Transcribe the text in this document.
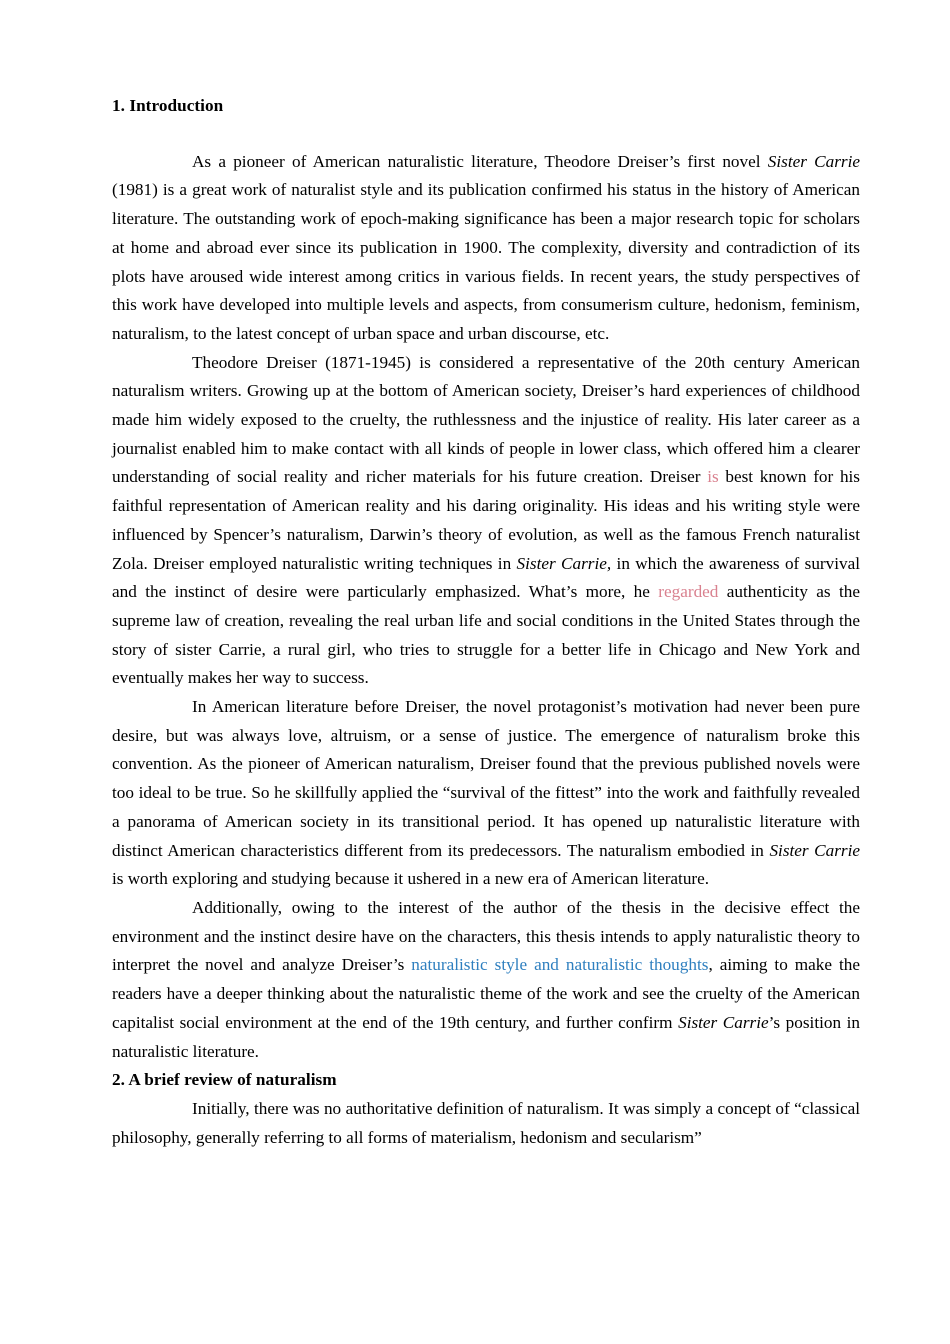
1. Introduction

As a pioneer of American naturalistic literature, Theodore Dreiser’s first novel Sister Carrie (1981) is a great work of naturalist style and its publication confirmed his status in the history of American literature. The outstanding work of epoch-making significance has been a major research topic for scholars at home and abroad ever since its publication in 1900. The complexity, diversity and contradiction of its plots have aroused wide interest among critics in various fields. In recent years, the study perspectives of this work have developed into multiple levels and aspects, from consumerism culture, hedonism, feminism, naturalism, to the latest concept of urban space and urban discourse, etc.

Theodore Dreiser (1871-1945) is considered a representative of the 20th century American naturalism writers. Growing up at the bottom of American society, Dreiser’s hard experiences of childhood made him widely exposed to the cruelty, the ruthlessness and the injustice of reality. His later career as a journalist enabled him to make contact with all kinds of people in lower class, which offered him a clearer understanding of social reality and richer materials for his future creation. Dreiser is best known for his faithful representation of American reality and his daring originality. His ideas and his writing style were influenced by Spencer’s naturalism, Darwin’s theory of evolution, as well as the famous French naturalist Zola. Dreiser employed naturalistic writing techniques in Sister Carrie, in which the awareness of survival and the instinct of desire were particularly emphasized. What’s more, he regarded authenticity as the supreme law of creation, revealing the real urban life and social conditions in the United States through the story of sister Carrie, a rural girl, who tries to struggle for a better life in Chicago and New York and eventually makes her way to success.

In American literature before Dreiser, the novel protagonist’s motivation had never been pure desire, but was always love, altruism, or a sense of justice. The emergence of naturalism broke this convention. As the pioneer of American naturalism, Dreiser found that the previous published novels were too ideal to be true. So he skillfully applied the “survival of the fittest” into the work and faithfully revealed a panorama of American society in its transitional period. It has opened up naturalistic literature with distinct American characteristics different from its predecessors. The naturalism embodied in Sister Carrie is worth exploring and studying because it ushered in a new era of American literature.

Additionally, owing to the interest of the author of the thesis in the decisive effect the environment and the instinct desire have on the characters, this thesis intends to apply naturalistic theory to interpret the novel and analyze Dreiser’s naturalistic style and naturalistic thoughts, aiming to make the readers have a deeper thinking about the naturalistic theme of the work and see the cruelty of the American capitalist social environment at the end of the 19th century, and further confirm Sister Carrie’s position in naturalistic literature.

2. A brief review of naturalism

Initially, there was no authoritative definition of naturalism. It was simply a concept of “classical philosophy, generally referring to all forms of materialism, hedonism and secularism”
